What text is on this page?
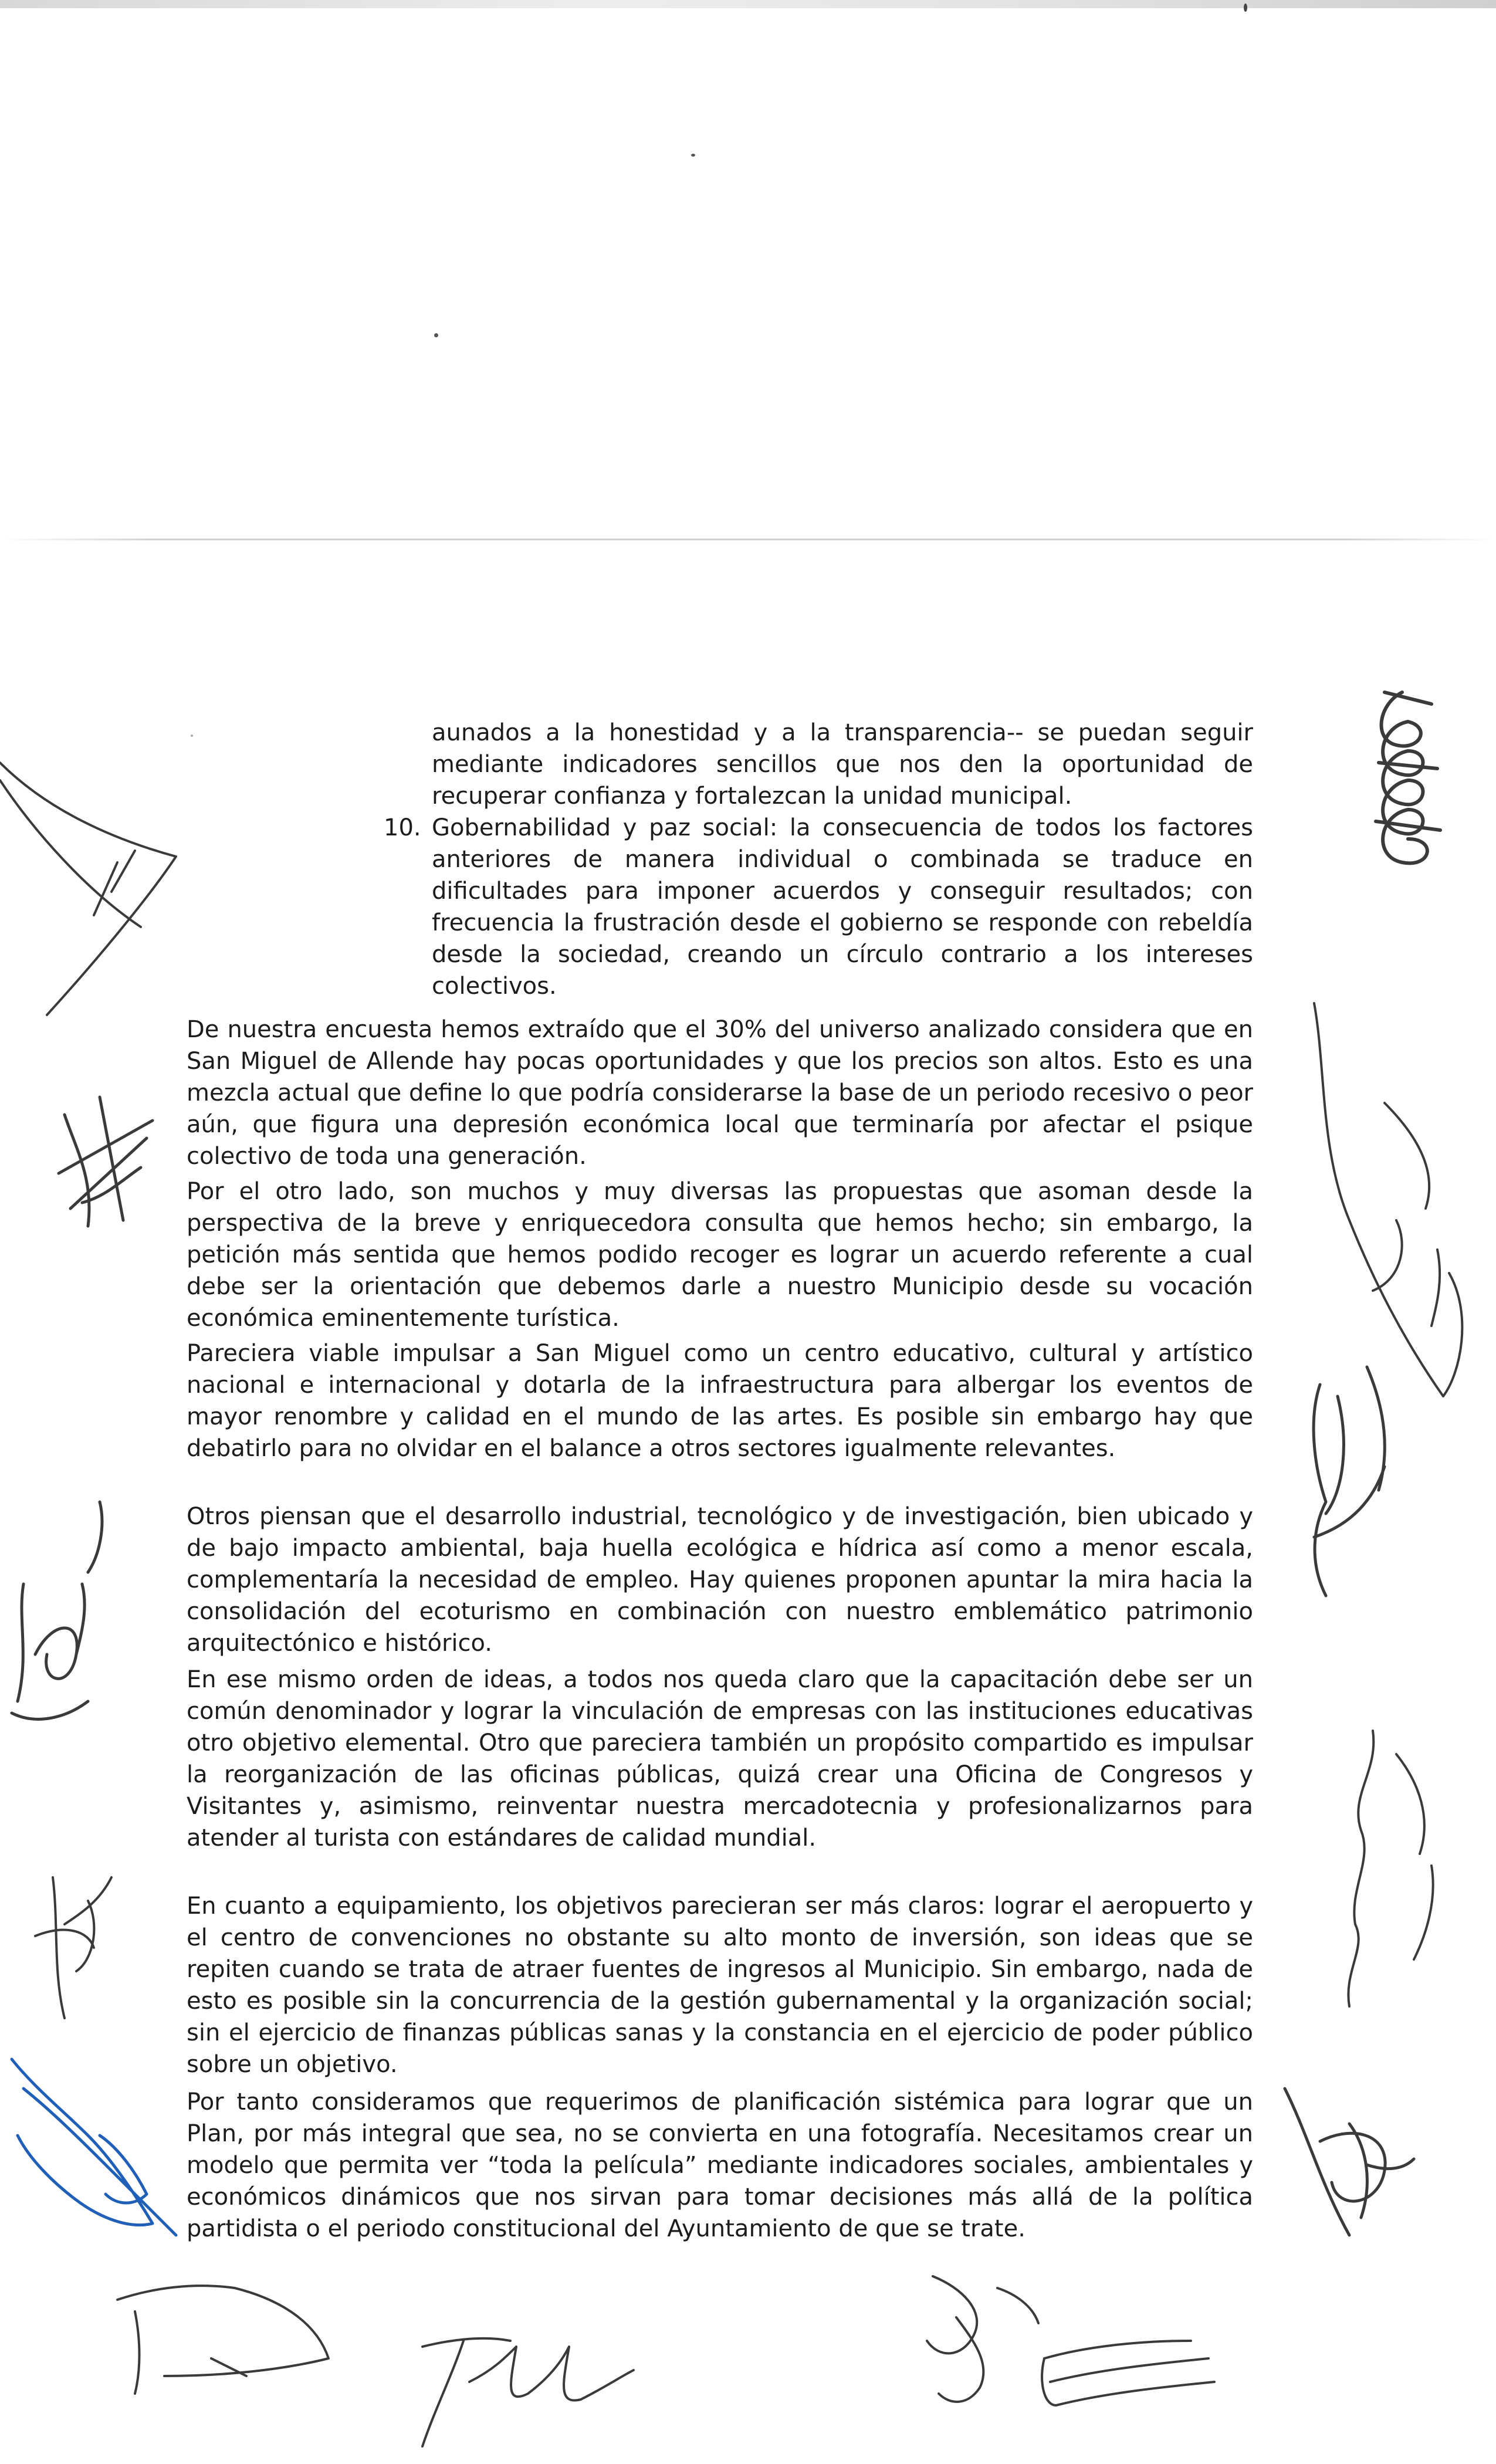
aunados a la honestidad y a la transparencia-- se puedan seguir mediante indicadores sencillos que nos den la oportunidad de recuperar confianza y fortalezcan la unidad municipal.
10. Gobernabilidad y paz social: la consecuencia de todos los factores anteriores de manera individual o combinada se traduce en dificultades para imponer acuerdos y conseguir resultados; con frecuencia la frustración desde el gobierno se responde con rebeldía desde la sociedad, creando un círculo contrario a los intereses colectivos.
De nuestra encuesta hemos extraído que el 30% del universo analizado considera que en San Miguel de Allende hay pocas oportunidades y que los precios son altos. Esto es una mezcla actual que define lo que podría considerarse la base de un periodo recesivo o peor aún, que figura una depresión económica local que terminaría por afectar el psique colectivo de toda una generación.
Por el otro lado, son muchos y muy diversas las propuestas que asoman desde la perspectiva de la breve y enriquecedora consulta que hemos hecho; sin embargo, la petición más sentida que hemos podido recoger es lograr un acuerdo referente a cual debe ser la orientación que debemos darle a nuestro Municipio desde su vocación económica eminentemente turística.
Pareciera viable impulsar a San Miguel como un centro educativo, cultural y artístico nacional e internacional y dotarla de la infraestructura para albergar los eventos de mayor renombre y calidad en el mundo de las artes. Es posible sin embargo hay que debatirlo para no olvidar en el balance a otros sectores igualmente relevantes.
Otros piensan que el desarrollo industrial, tecnológico y de investigación, bien ubicado y de bajo impacto ambiental, baja huella ecológica e hídrica así como a menor escala, complementaría la necesidad de empleo. Hay quienes proponen apuntar la mira hacia la consolidación del ecoturismo en combinación con nuestro emblemático patrimonio arquitectónico e histórico.
En ese mismo orden de ideas, a todos nos queda claro que la capacitación debe ser un común denominador y lograr la vinculación de empresas con las instituciones educativas otro objetivo elemental. Otro que pareciera también un propósito compartido es impulsar la reorganización de las oficinas públicas, quizá crear una Oficina de Congresos y Visitantes y, asimismo, reinventar nuestra mercadotecnia y profesionalizarnos para atender al turista con estándares de calidad mundial.
En cuanto a equipamiento, los objetivos parecieran ser más claros: lograr el aeropuerto y el centro de convenciones no obstante su alto monto de inversión, son ideas que se repiten cuando se trata de atraer fuentes de ingresos al Municipio. Sin embargo, nada de esto es posible sin la concurrencia de la gestión gubernamental y la organización social; sin el ejercicio de finanzas públicas sanas y la constancia en el ejercicio de poder público sobre un objetivo.
Por tanto consideramos que requerimos de planificación sistémica para lograr que un Plan, por más integral que sea, no se convierta en una fotografía. Necesitamos crear un modelo que permita ver “toda la película” mediante indicadores sociales, ambientales y económicos dinámicos que nos sirvan para tomar decisiones más allá de la política partidista o el periodo constitucional del Ayuntamiento de que se trate.
